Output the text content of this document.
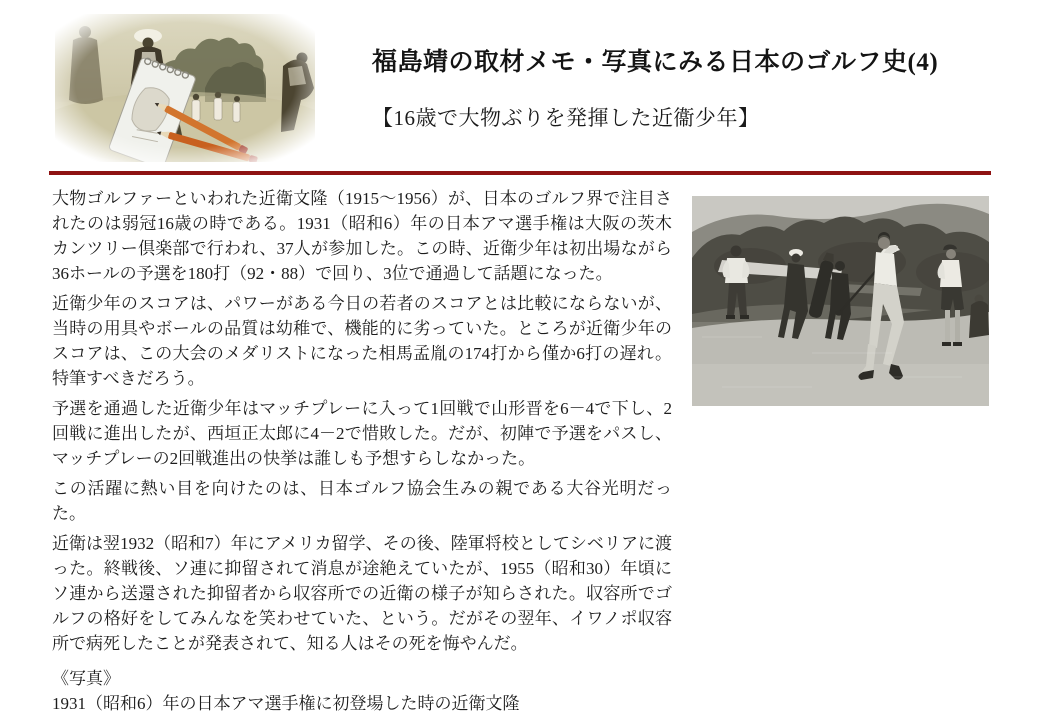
福島靖の取材メモ・写真にみる日本のゴルフ史(4)
【16歳で大物ぶりを発揮した近衞少年】

大物ゴルファーといわれた近衛文隆（1915～1956）が、日本のゴルフ界で注目されたのは弱冠16歳の時である。1931（昭和6）年の日本アマ選手権は大阪の茨木カンツリー倶楽部で行われ、37人が参加した。この時、近衛少年は初出場ながら36ホールの予選を180打（92・88）で回り、3位で通過して話題になった。

近衛少年のスコアは、パワーがある今日の若者のスコアとは比較にならないが、当時の用具やボールの品質は幼稚で、機能的に劣っていた。ところが近衛少年のスコアは、この大会のメダリストになった相馬孟胤の174打から僅か6打の遅れ。特筆すべきだろう。

予選を通過した近衛少年はマッチプレーに入って1回戦で山形晋を6－4で下し、2回戦に進出したが、西垣正太郎に4－2で惜敗した。だが、初陣で予選をパスし、マッチプレーの2回戦進出の快挙は誰しも予想すらしなかった。

この活躍に熱い目を向けたのは、日本ゴルフ協会生みの親である大谷光明だった。

近衛は翌1932（昭和7）年にアメリカ留学、その後、陸軍将校としてシベリアに渡った。終戦後、ソ連に抑留されて消息が途絶えていたが、1955（昭和30）年頃にソ連から送還された抑留者から収容所での近衛の様子が知らされた。収容所でゴルフの格好をしてみんなを笑わせていた、という。だがその翌年、イワノポ収容所で病死したことが発表されて、知る人はその死を悔やんだ。

《写真》
1931（昭和6）年の日本アマ選手権に初登場した時の近衛文隆
